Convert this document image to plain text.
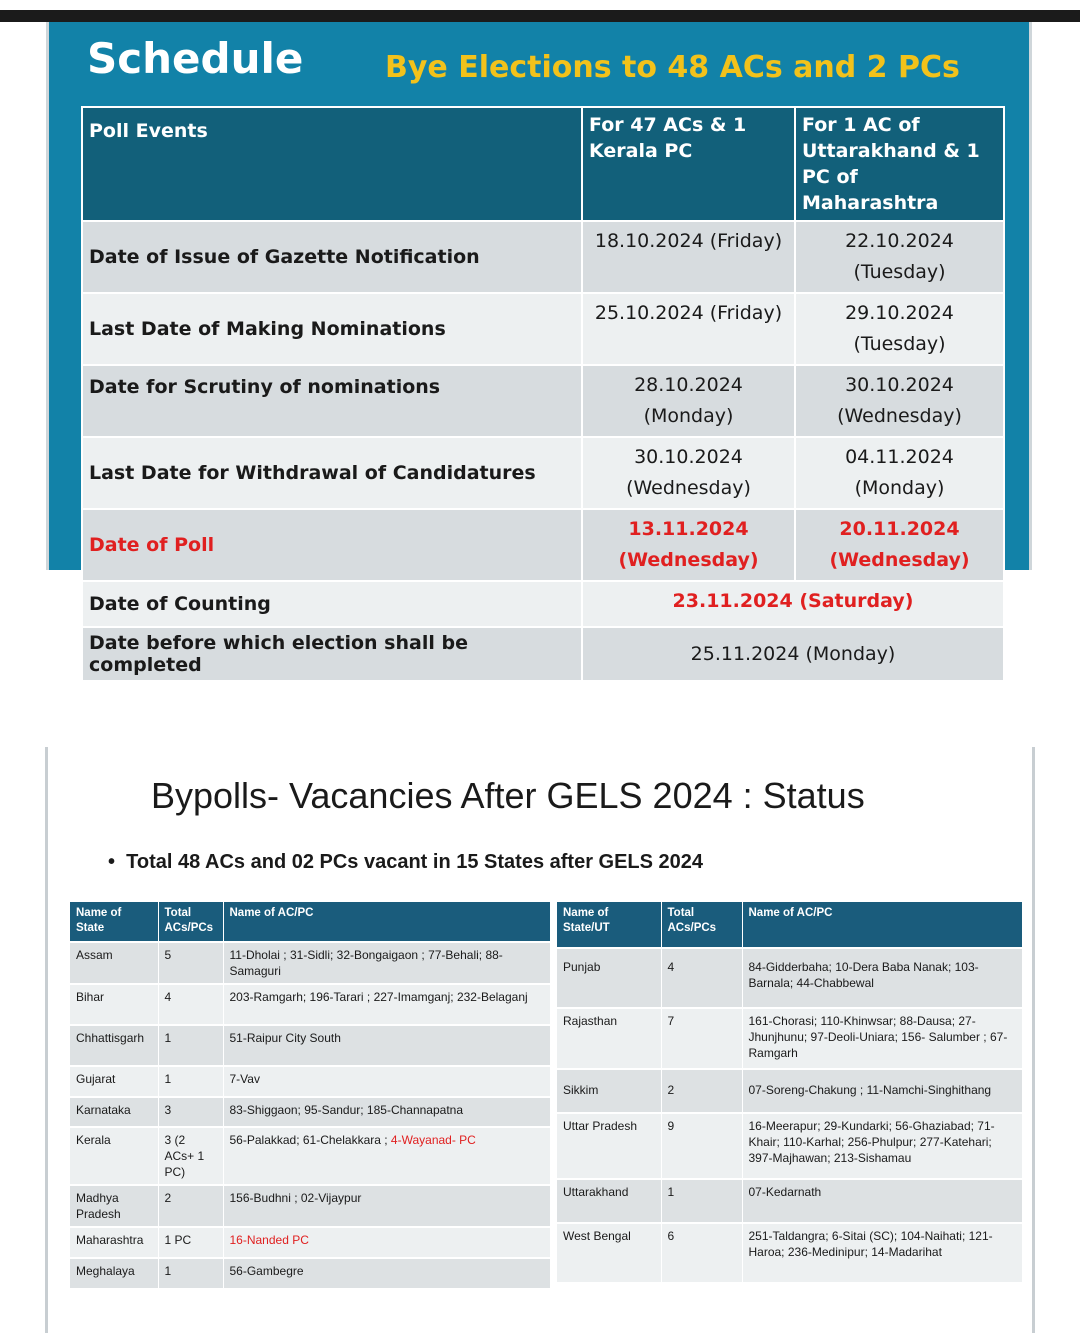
Schedule	Bye Elections to 48 ACs and 2 PCs
Poll Events	For 47 ACs & 1 Kerala PC	For 1 AC of Uttarakhand & 1 PC of Maharashtra
Date of Issue of Gazette Notification	18.10.2024 (Friday)	22.10.2024 (Tuesday)
Last Date of Making Nominations	25.10.2024 (Friday)	29.10.2024 (Tuesday)
Date for Scrutiny of nominations	28.10.2024 (Monday)	30.10.2024 (Wednesday)
Last Date for Withdrawal of Candidatures	30.10.2024 (Wednesday)	04.11.2024 (Monday)
Date of Poll	13.11.2024 (Wednesday)	20.11.2024 (Wednesday)
Date of Counting	23.11.2024 (Saturday)	
Date before which election shall be completed	25.11.2024 (Monday)	
Bypolls- Vacancies After GELS 2024 : Status
•  Total 48 ACs and 02 PCs vacant in 15 States after GELS 2024
Name of State	Total ACs/PCs	Name of AC/PC
Assam	5	11-Dholai ; 31-Sidli; 32-Bongaigaon ; 77-Behali; 88-Samaguri
Bihar	4	203-Ramgarh; 196-Tarari ; 227-Imamganj; 232-Belaganj
Chhattisgarh	1	51-Raipur City South
Gujarat	1	7-Vav
Karnataka	3	83-Shiggaon; 95-Sandur; 185-Channapatna
Kerala	3 (2 ACs+ 1 PC)	56-Palakkad; 61-Chelakkara ; 4-Wayanad- PC
Madhya Pradesh	2	156-Budhni ; 02-Vijaypur
Maharashtra	1 PC	16-Nanded PC
Meghalaya	1	56-Gambegre
Name of State/UT	Total ACs/PCs	Name of AC/PC
Punjab	4	84-Gidderbaha; 10-Dera Baba Nanak; 103-Barnala; 44-Chabbewal
Rajasthan	7	161-Chorasi; 110-Khinwsar; 88-Dausa; 27-Jhunjhunu; 97-Deoli-Uniara; 156- Salumber ; 67-Ramgarh
Sikkim	2	07-Soreng-Chakung ; 11-Namchi-Singhithang
Uttar Pradesh	9	16-Meerapur; 29-Kundarki; 56-Ghaziabad; 71-Khair; 110-Karhal; 256-Phulpur; 277-Katehari; 397-Majhawan; 213-Sishamau
Uttarakhand	1	07-Kedarnath
West Bengal	6	251-Taldangra; 6-Sitai (SC); 104-Naihati; 121-Haroa; 236-Medinipur; 14-Madarihat
